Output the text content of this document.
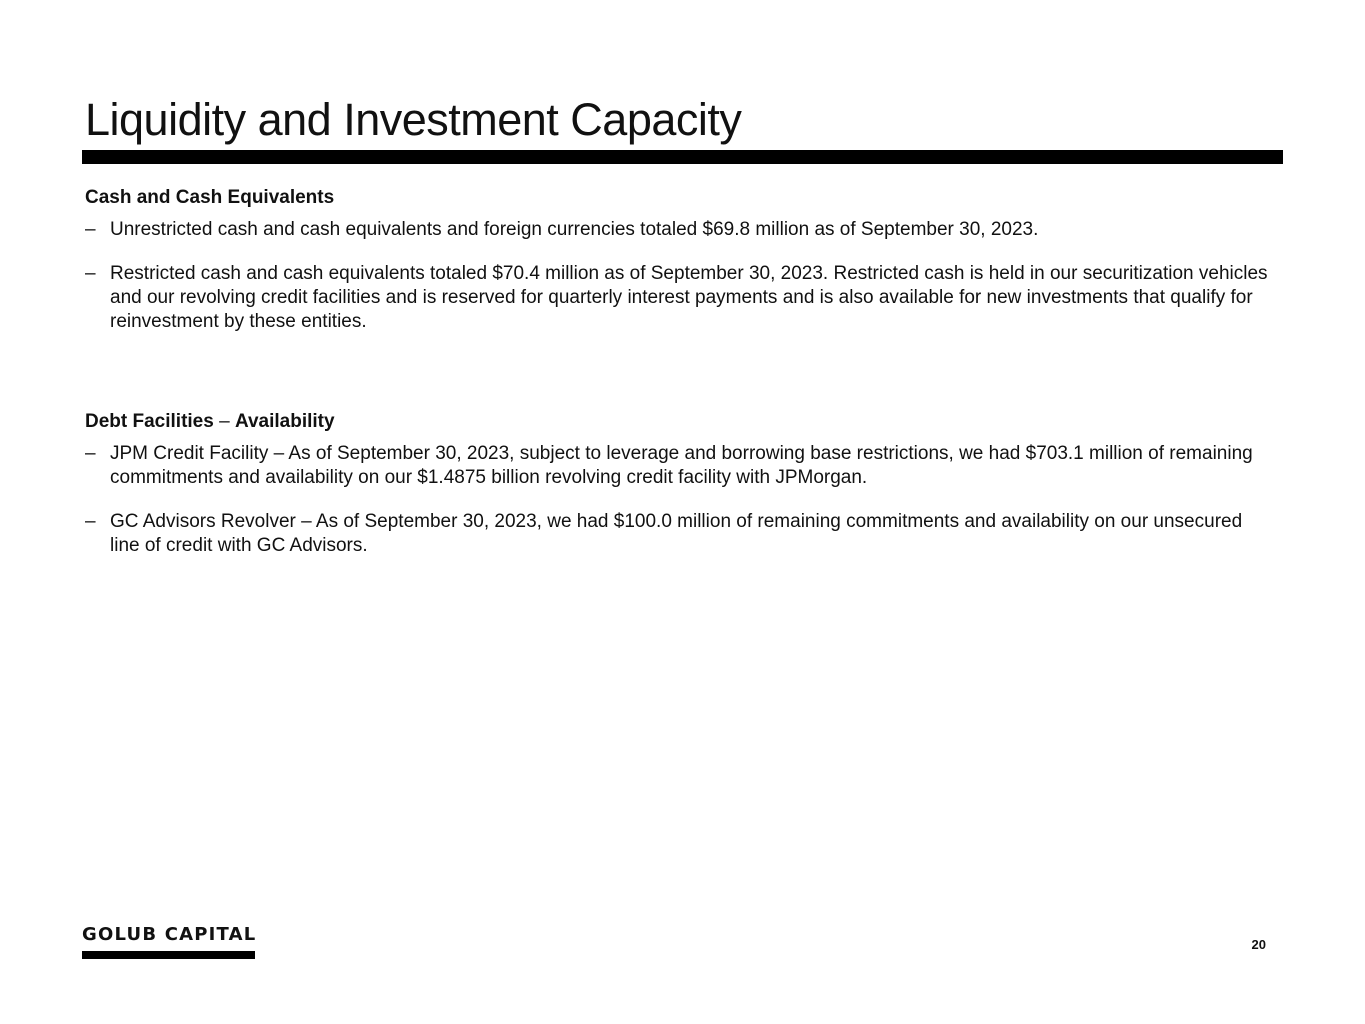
Liquidity and Investment Capacity
Cash and Cash Equivalents
– Unrestricted cash and cash equivalents and foreign currencies totaled $69.8 million as of September 30, 2023.
– Restricted cash and cash equivalents totaled $70.4 million as of September 30, 2023. Restricted cash is held in our securitization vehicles and our revolving credit facilities and is reserved for quarterly interest payments and is also available for new investments that qualify for reinvestment by these entities.
Debt Facilities – Availability
– JPM Credit Facility – As of September 30, 2023, subject to leverage and borrowing base restrictions, we had $703.1 million of remaining commitments and availability on our $1.4875 billion revolving credit facility with JPMorgan.
– GC Advisors Revolver – As of September 30, 2023, we had $100.0 million of remaining commitments and availability on our unsecured line of credit with GC Advisors.
GOLUB CAPITAL	20
